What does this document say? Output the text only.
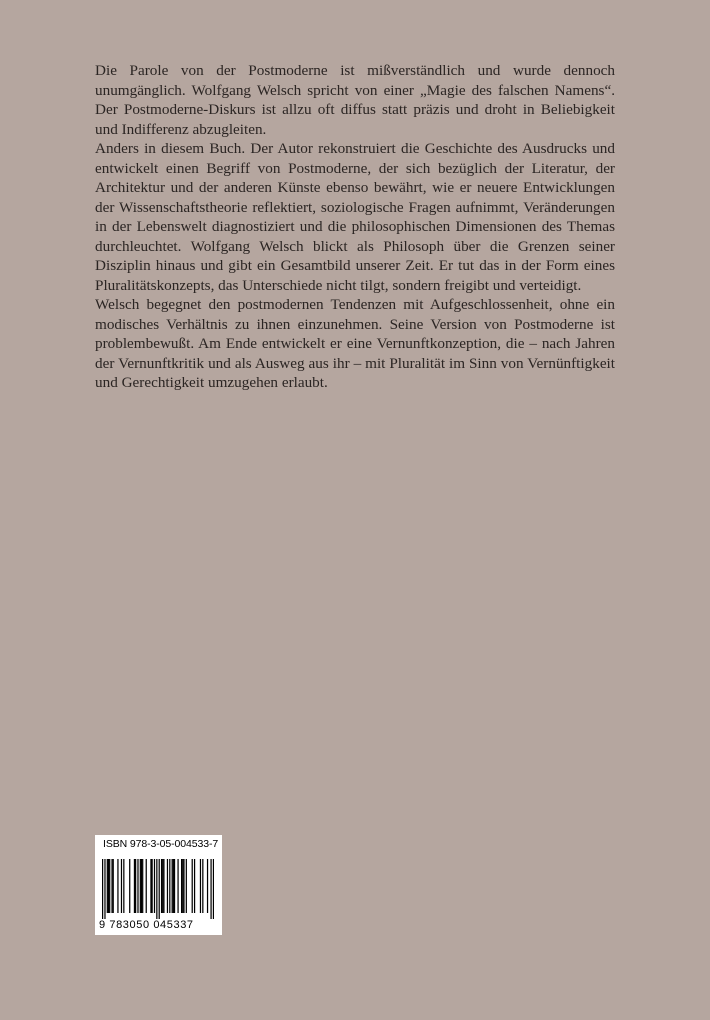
Die Parole von der Postmoderne ist mißverständlich und wurde dennoch unumgänglich. Wolfgang Welsch spricht von einer „Magie des falschen Namens“. Der Postmoderne-Diskurs ist allzu oft diffus statt präzis und droht in Beliebigkeit und Indifferenz abzugleiten.

Anders in diesem Buch. Der Autor rekonstruiert die Geschichte des Ausdrucks und entwickelt einen Begriff von Postmoderne, der sich bezüglich der Literatur, der Architektur und der anderen Künste ebenso bewährt, wie er neuere Entwicklungen der Wissenschaftstheorie reflektiert, soziologische Fragen aufnimmt, Veränderungen in der Lebenswelt diagnostiziert und die philosophischen Dimensionen des Themas durchleuchtet. Wolfgang Welsch blickt als Philosoph über die Grenzen seiner Disziplin hinaus und gibt ein Gesamtbild unserer Zeit. Er tut das in der Form eines Pluralitätskonzepts, das Unterschiede nicht tilgt, sondern freigibt und verteidigt.

Welsch begegnet den postmodernen Tendenzen mit Aufgeschlossenheit, ohne ein modisches Verhältnis zu ihnen einzunehmen. Seine Version von Postmoderne ist problembewußt. Am Ende entwickelt er eine Vernunftkonzeption, die – nach Jahren der Vernunftkritik und als Ausweg aus ihr – mit Pluralität im Sinn von Vernünftigkeit und Gerechtigkeit umzugehen erlaubt.

ISBN 978-3-05-004533-7
9 783050 045337
